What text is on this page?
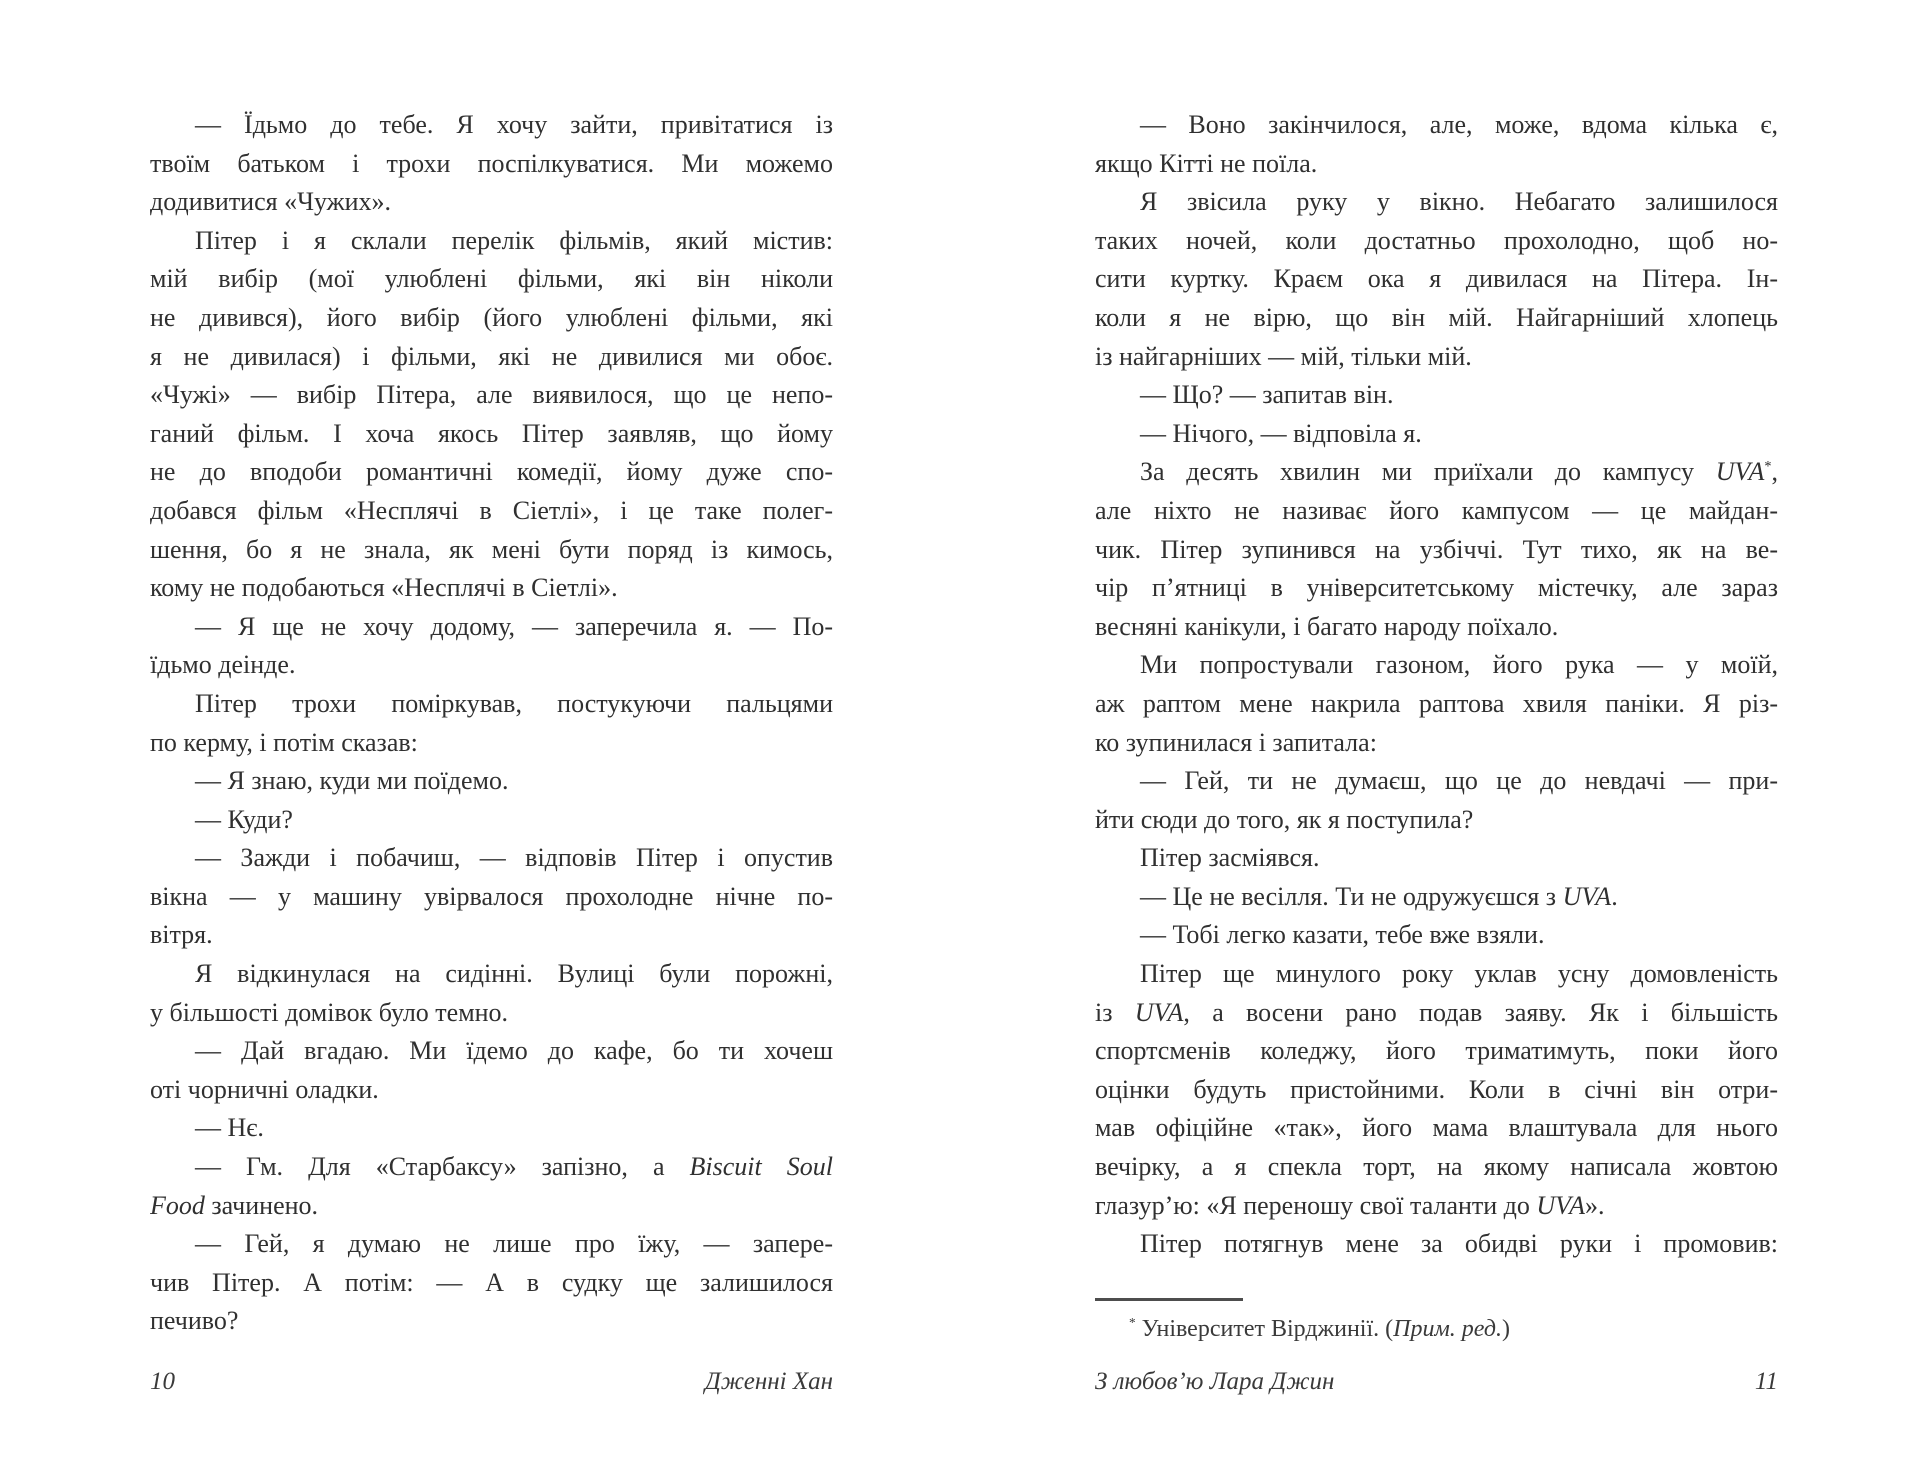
— Їдьмо до тебе. Я хочу зайти, привітатися із
твоїм батьком і трохи поспілкуватися. Ми можемо
додивитися «Чужих».
Пітер і я склали перелік фільмів, який містив:
мій вибір (мої улюблені фільми, які він ніколи
не дивився), його вибір (його улюблені фільми, які
я не дивилася) і фільми, які не дивилися ми обоє.
«Чужі» — вибір Пітера, але виявилося, що це непо-
ганий фільм. І хоча якось Пітер заявляв, що йому
не до вподоби романтичні комедії, йому дуже спо-
добався фільм «Несплячі в Сіетлі», і це таке полег-
шення, бо я не знала, як мені бути поряд із кимось,
кому не подобаються «Несплячі в Сіетлі».
— Я ще не хочу додому, — заперечила я. — По-
їдьмо деінде.
Пітер трохи поміркував, постукуючи пальцями
по керму, і потім сказав:
— Я знаю, куди ми поїдемо.
— Куди?
— Зажди і побачиш, — відповів Пітер і опустив
вікна — у машину увірвалося прохолодне нічне по-
вітря.
Я відкинулася на сидінні. Вулиці були порожні,
у більшості домівок було темно.
— Дай вгадаю. Ми їдемо до кафе, бо ти хочеш
оті чорничні оладки.
— Нє.
— Гм. Для «Старбаксу» запізно, а Biscuit Soul
Food зачинено.
— Гей, я думаю не лише про їжу, — запере-
чив Пітер. А потім: — А в судку ще залишилося
печиво?
— Воно закінчилося, але, може, вдома кілька є,
якщо Кітті не поїла.
Я звісила руку у вікно. Небагато залишилося
таких ночей, коли достатньо прохолодно, щоб но-
сити куртку. Краєм ока я дивилася на Пітера. Ін-
коли я не вірю, що він мій. Найгарніший хлопець
із найгарніших — мій, тільки мій.
— Що? — запитав він.
— Нічого, — відповіла я.
За десять хвилин ми приїхали до кампусу UVA*,
але ніхто не називає його кампусом — це майдан-
чик. Пітер зупинився на узбіччі. Тут тихо, як на ве-
чір п’ятниці в університетському містечку, але зараз
весняні канікули, і багато народу поїхало.
Ми попростували газоном, його рука — у моїй,
аж раптом мене накрила раптова хвиля паніки. Я різ-
ко зупинилася і запитала:
— Гей, ти не думаєш, що це до невдачі — при-
йти сюди до того, як я поступила?
Пітер засміявся.
— Це не весілля. Ти не одружуєшся з UVA.
— Тобі легко казати, тебе вже взяли.
Пітер ще минулого року уклав усну домовленість
із UVA, а восени рано подав заяву. Як і більшість
спортсменів коледжу, його триматимуть, поки його
оцінки будуть пристойними. Коли в січні він отри-
мав офіційне «так», його мама влаштувала для нього
вечірку, а я спекла торт, на якому написала жовтою
глазур’ю: «Я переношу свої таланти до UVA».
Пітер потягнув мене за обидві руки і промовив:
* Університет Вірджинії. (Прим. ред.)
10	Дженні Хан	З любов’ю Лара Джин	11
